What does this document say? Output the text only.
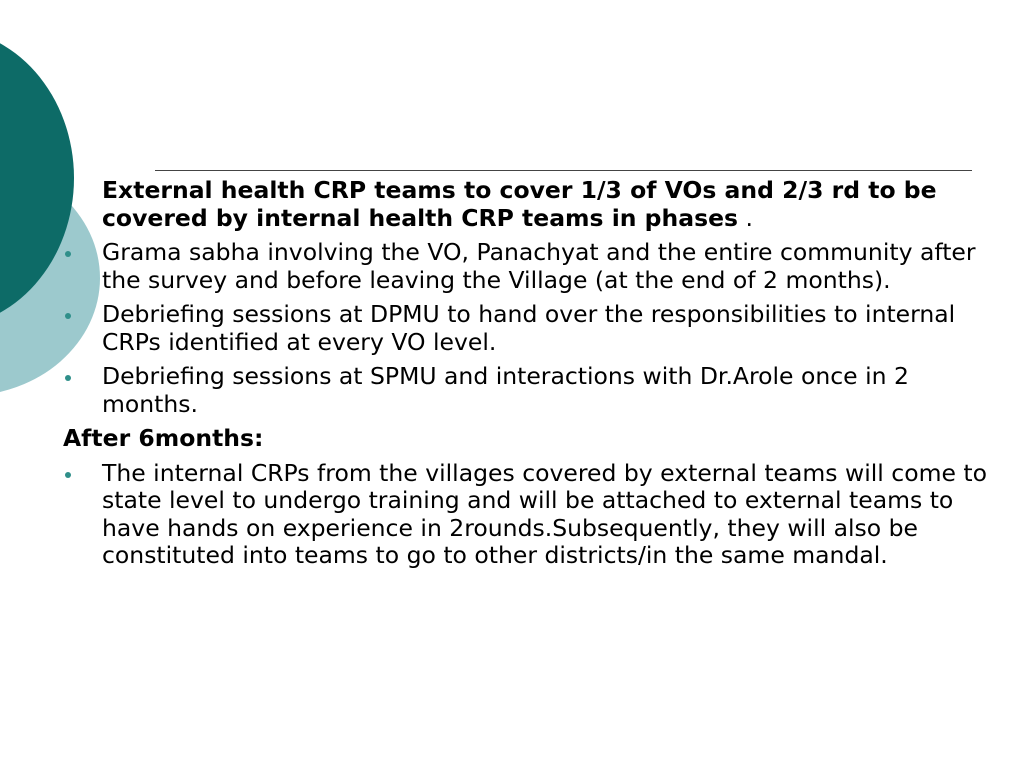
External health CRP teams to cover 1/3 of VOs and 2/3 rd to be covered by internal health CRP teams in phases .
Grama sabha involving the VO, Panachyat and the entire community after the survey and before leaving the Village (at the end of 2 months).
Debriefing sessions at DPMU to hand over the responsibilities to internal CRPs identified at every VO level.
Debriefing sessions at SPMU and interactions with Dr.Arole once in 2 months.
After 6months:
The internal CRPs from the villages covered by external teams will come to state level to undergo training and will be attached to external teams to have hands on experience in 2rounds.Subsequently, they will also be constituted into teams to go to other districts/in the same mandal.
